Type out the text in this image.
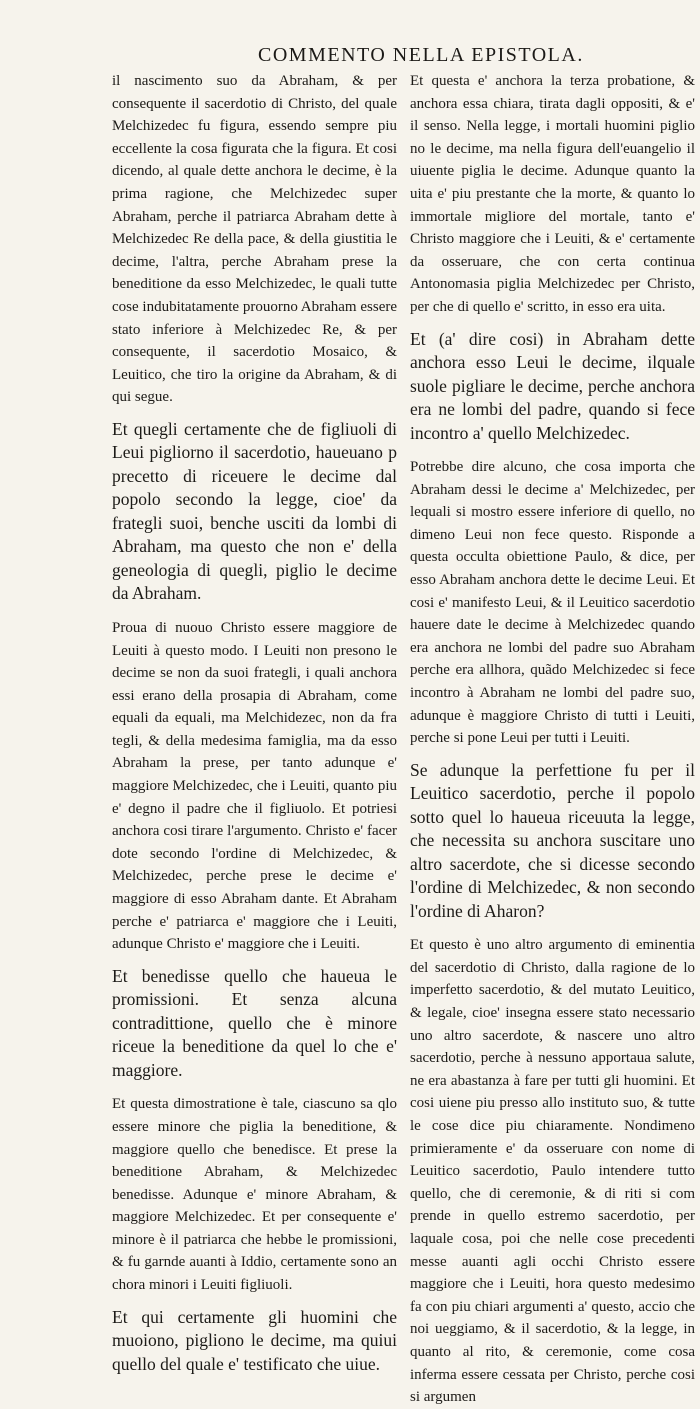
COMMENTO NELLA EPISTOLA.

il nascimento suo da Abraham, & per consequente il sacerdotio di Christo, del quale Melchizedec fu figura, essendo sempre piu eccellente la cosa figurata che la figura. Et cosi dicendo, al quale dette anchora le decime, è la prima ragione, che Melchizedec super Abraham, perche il patriarca Abraham dette à Melchizedec Re della pace, & della giustitia le decime, l'altra, perche Abraham prese la beneditione da esso Melchizedec, le quali tutte cose indubitatamente prouorno Abraham essere stato inferiore à Melchizedec Re, & per consequente, il sacerdotio Mosaico, & Leuitico, che tiro la origine da Abraham, & di qui segue.

Et quegli certamente che de figliuoli di Leui pigliorno il sacerdotio, haueuano p precetto di riceuere le decime dal popolo secondo la legge, cioe' da frategli suoi, benche usciti da lombi di Abraham, ma questo che non e' della geneologia di quegli, piglio le decime da Abraham.

Proua di nuouo Christo essere maggiore de Leuiti à questo modo. I Leuiti non presono le decime se non da suoi frategli, i quali anchora essi erano della prosapia di Abraham, come equali da equali, ma Melchidezec, non da fra tegli, & della medesima famiglia, ma da esso Abraham la prese, per tanto adunque e' maggiore Melchizedec, che i Leuiti, quanto piu e' degno il padre che il figliuolo. Et potriesi anchora cosi tirare l'argumento. Christo e' facer dote secondo l'ordine di Melchizedec, & Melchizedec, perche prese le decime e' maggiore di esso Abraham dante. Et Abraham perche e' patriarca e' maggiore che i Leuiti, adunque Christo e' maggiore che i Leuiti.

Et benedisse quello che haueua le promissioni. Et senza alcuna contradittione, quello che è minore riceue la beneditione da quel lo che e' maggiore.

Et questa dimostratione è tale, ciascuno sa qlo essere minore che piglia la beneditione, & maggiore quello che benedisce. Et prese la beneditione Abraham, & Melchizedec benedisse. Adunque e' minore Abraham, & maggiore Melchizedec. Et per consequente e' minore è il patriarca che hebbe le promissioni, & fu garnde auanti à Iddio, certamente sono an chora minori i Leuiti figliuoli.

Et qui certamente gli huomini che muoiono, pigliono le decime, ma quiui quello del quale e' testificato che uiue.

Et questa e' anchora la terza probatione, & anchora essa chiara, tirata dagli oppositi, & e' il senso. Nella legge, i mortali huomini piglio no le decime, ma nella figura dell'euangelio il uiuente piglia le decime. Adunque quanto la uita e' piu prestante che la morte, & quanto lo immortale migliore del mortale, tanto e' Christo maggiore che i Leuiti, & e' certamente da osseruare, che con certa continua Antonomasia piglia Melchizedec per Christo, per che di quello e' scritto, in esso era uita.

Et (a' dire cosi) in Abraham dette anchora esso Leui le decime, ilquale suole pigliare le decime, perche anchora era ne lombi del padre, quando si fece incontro a' quello Melchizedec.

Potrebbe dire alcuno, che cosa importa che Abraham dessi le decime a' Melchizedec, per lequali si mostro essere inferiore di quello, no dimeno Leui non fece questo. Risponde a questa occulta obiettione Paulo, & dice, per esso Abraham anchora dette le decime Leui. Et cosi e' manifesto Leui, & il Leuitico sacerdotio hauere date le decime à Melchizedec quando era anchora ne lombi del padre suo Abraham perche era allhora, quãdo Melchizedec si fece incontro à Abraham ne lombi del padre suo, adunque è maggiore Christo di tutti i Leuiti, perche si pone Leui per tutti i Leuiti.

Se adunque la perfettione fu per il Leuitico sacerdotio, perche il popolo sotto quel lo haueua riceuuta la legge, che necessita su anchora suscitare uno altro sacerdote, che si dicesse secondo l'ordine di Melchizedec, & non secondo l'ordine di Aharon?

Et questo è uno altro argumento di eminentia del sacerdotio di Christo, dalla ragione de lo imperfetto sacerdotio, & del mutato Leuitico, & legale, cioe' insegna essere stato necessario uno altro sacerdote, & nascere uno altro sacerdotio, perche à nessuno apportaua salute, ne era abastanza à fare per tutti gli huomini. Et cosi uiene piu presso allo instituto suo, & tutte le cose dice piu chiaramente. Nondimeno primieramente e' da osseruare con nome di Leuitico sacerdotio, Paulo intendere tutto quello, che di ceremonie, & di riti si com prende in quello estremo sacerdotio, per laquale cosa, poi che nelle cose precedenti messe auanti agli occhi Christo essere maggiore che i Leuiti, hora questo medesimo fa con piu chiari argumenti a' questo, accio che noi ueggiamo, & il sacerdotio, & la legge, in quanto al rito, & ceremonie, come cosa inferma essere cessata per Christo, perche cosi si argumen
